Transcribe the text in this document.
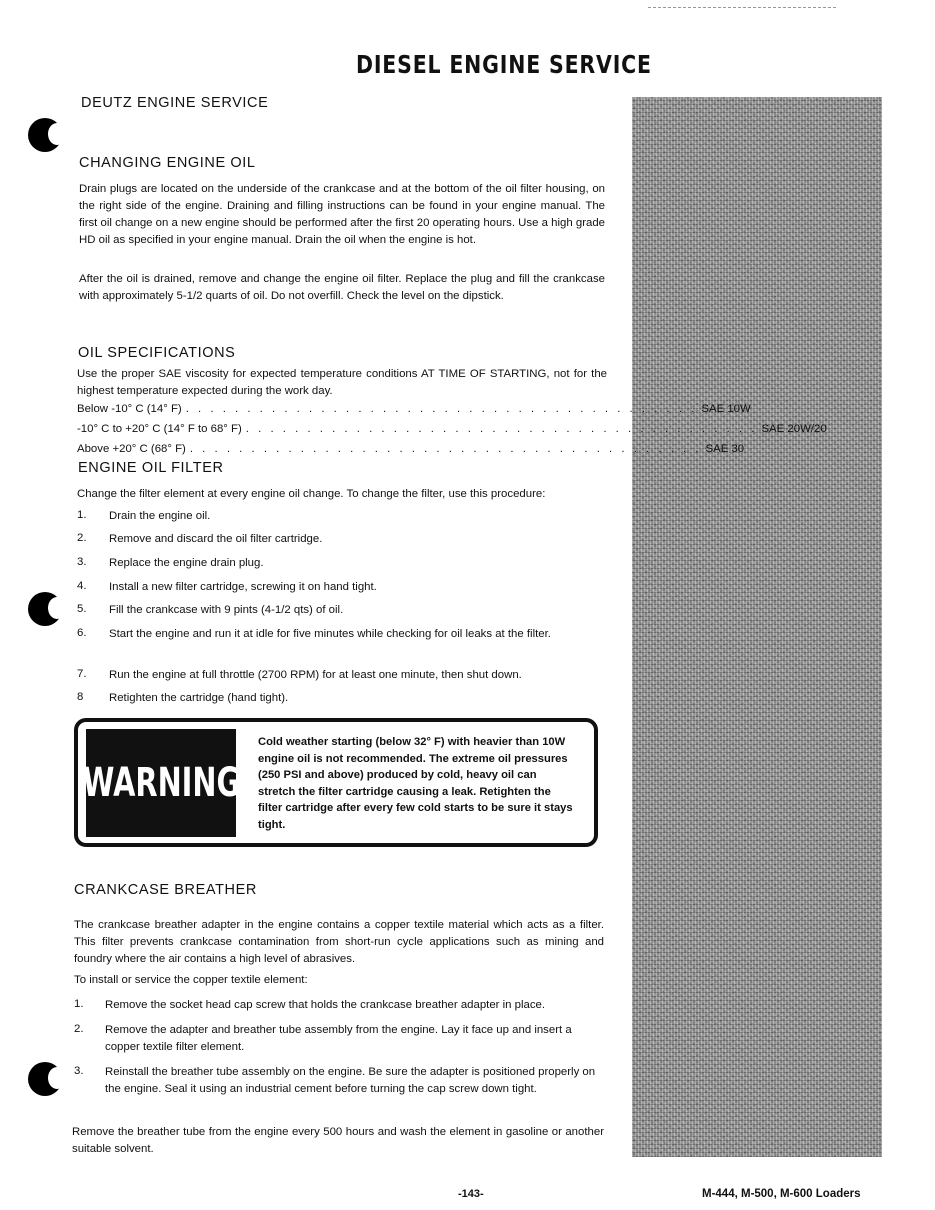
DIESEL ENGINE SERVICE
DEUTZ ENGINE SERVICE
CHANGING ENGINE OIL
Drain plugs are located on the underside of the crankcase and at the bottom of the oil filter housing, on the right side of the engine. Draining and filling instructions can be found in your engine manual. The first oil change on a new engine should be performed after the first 20 operating hours. Use a high grade HD oil as specified in your engine manual. Drain the oil when the engine is hot.
After the oil is drained, remove and change the engine oil filter. Replace the plug and fill the crankcase with approximately 5-1/2 quarts of oil. Do not overfill. Check the level on the dipstick.
OIL SPECIFICATIONS
Use the proper SAE viscosity for expected temperature conditions AT TIME OF STARTING, not for the highest temperature expected during the work day.
Below -10° C (14° F) . . . . . . . . . . . . . . . . . . . . . . . . . . . . . . . . . . . . . . . . . . SAE 10W
-10° C to +20° C (14° F to 68° F) . . . . . . . . . . . . . . . . . . . . . . . . . . . . . . . . . . . . . . . . . . SAE 20W/20
Above +20° C (68° F) . . . . . . . . . . . . . . . . . . . . . . . . . . . . . . . . . . . . . . . . . . SAE 30
ENGINE OIL FILTER
Change the filter element at every engine oil change. To change the filter, use this procedure:
1. Drain the engine oil.
2. Remove and discard the oil filter cartridge.
3. Replace the engine drain plug.
4. Install a new filter cartridge, screwing it on hand tight.
5. Fill the crankcase with 9 pints (4-1/2 qts) of oil.
6. Start the engine and run it at idle for five minutes while checking for oil leaks at the filter.
7. Run the engine at full throttle (2700 RPM) for at least one minute, then shut down.
8 Retighten the cartridge (hand tight).
WARNING
Cold weather starting (below 32° F) with heavier than 10W engine oil is not recommended. The extreme oil pressures (250 PSI and above) produced by cold, heavy oil can stretch the filter cartridge causing a leak. Retighten the filter cartridge after every few cold starts to be sure it stays tight.
CRANKCASE BREATHER
The crankcase breather adapter in the engine contains a copper textile material which acts as a filter. This filter prevents crankcase contamination from short-run cycle applications such as mining and foundry where the air contains a high level of abrasives.
To install or service the copper textile element:
1. Remove the socket head cap screw that holds the crankcase breather adapter in place.
2. Remove the adapter and breather tube assembly from the engine. Lay it face up and insert a copper textile filter element.
3. Reinstall the breather tube assembly on the engine. Be sure the adapter is positioned properly on the engine. Seal it using an industrial cement before turning the cap screw down tight.
Remove the breather tube from the engine every 500 hours and wash the element in gasoline or another suitable solvent.
-143-	M-444, M-500, M-600 Loaders
